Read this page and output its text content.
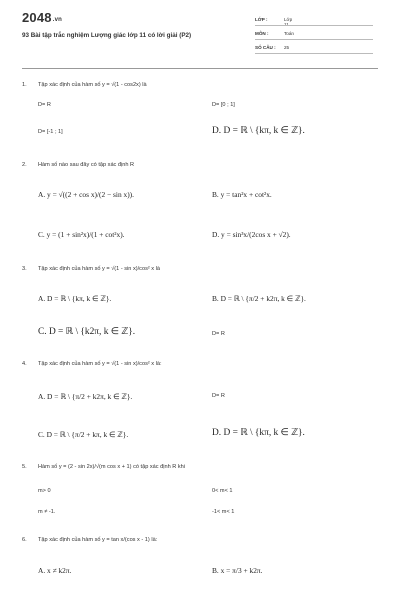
2048.vn
93 Bài tập trắc nghiệm Lượng giác lớp 11 có lời giải (P2)
LỚP :	Lớp 11
MÔN :	Toán
SỐ CÂU :	25
1. Tập xác định của hàm số y = √(1 - cos2x) là
D= R	D= [0 ; 1]
D= [-1 ; 1]	D. D = ℝ \ {kπ, k ∈ ℤ}.
2. Hàm số nào sau đây có tập xác định R
A. y = √((2 + cos x)/(2 − sin x)).	B. y = tan²x + cot²x.
C. y = (1 + sin²x)/(1 + cot²x).	D. y = sin³x/(2cos x + √2).
3. Tập xác định của hàm số y = √(1 - sin x)/cos² x là
A. D = ℝ \ {kπ, k ∈ ℤ}.	B. D = ℝ \ {π/2 + k2π, k ∈ ℤ}.
C. D = ℝ \ {k2π, k ∈ ℤ}.	D= R
4. Tập xác định của hàm số y = √(1 - sin x)/cos² x là:
A. D = ℝ \ {π/2 + k2π, k ∈ ℤ}.	D= R
C. D = ℝ \ {π/2 + kπ, k ∈ ℤ}.	D. D = ℝ \ {kπ, k ∈ ℤ}.
5. Hàm số y = (2 - sin 2x)/√(m cos x + 1) có tập xác định R khi
m> 0	0< m< 1
m ≠ -1.	-1< m< 1
6. Tập xác định của hàm số y = tan x/(cos x - 1) là:
A. x ≠ k2π.	B. x = π/3 + k2π.
